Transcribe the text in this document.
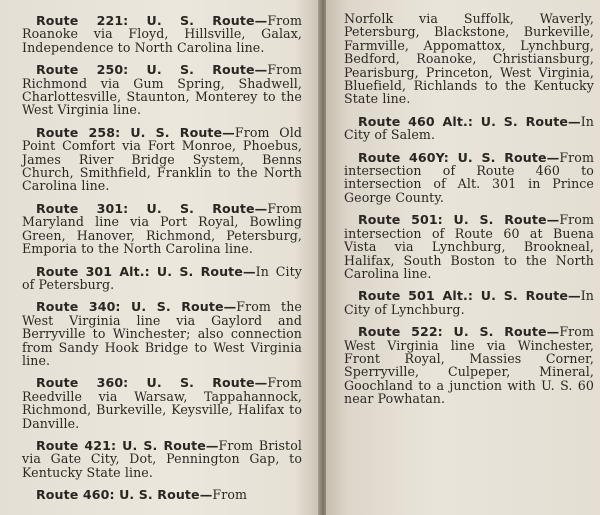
Route 221: U. S. Route—From Roanoke via Floyd, Hillsville, Galax, Independence to North Carolina line.

Route 250: U. S. Route—From Richmond via Gum Spring, Shadwell, Charlottesville, Staunton, Monterey to the West Virginia line.

Route 258: U. S. Route—From Old Point Comfort via Fort Monroe, Phoebus, James River Bridge System, Benns Church, Smithfield, Franklin to the North Carolina line.

Route 301: U. S. Route—From Maryland line via Port Royal, Bowling Green, Hanover, Richmond, Petersburg, Emporia to the North Carolina line.

Route 301 Alt.: U. S. Route—In City of Petersburg.

Route 340: U. S. Route—From the West Virginia line via Gaylord and Berryville to Winchester; also connection from Sandy Hook Bridge to West Virginia line.

Route 360: U. S. Route—From Reedville via Warsaw, Tappahannock, Richmond, Burkeville, Keysville, Halifax to Danville.

Route 421: U. S. Route—From Bristol via Gate City, Dot, Pennington Gap, to Kentucky State line.

Route 460: U. S. Route—From

Norfolk via Suffolk, Waverly, Petersburg, Blackstone, Burkeville, Farmville, Appomattox, Lynchburg, Bedford, Roanoke, Christiansburg, Pearisburg, Princeton, West Virginia, Bluefield, Richlands to the Kentucky State line.

Route 460 Alt.: U. S. Route—In City of Salem.

Route 460Y: U. S. Route—From intersection of Route 460 to intersection of Alt. 301 in Prince George County.

Route 501: U. S. Route—From intersection of Route 60 at Buena Vista via Lynchburg, Brookneal, Halifax, South Boston to the North Carolina line.

Route 501 Alt.: U. S. Route—In City of Lynchburg.

Route 522: U. S. Route—From West Virginia line via Winchester, Front Royal, Massies Corner, Sperryville, Culpeper, Mineral, Goochland to a junction with U. S. 60 near Powhatan.
